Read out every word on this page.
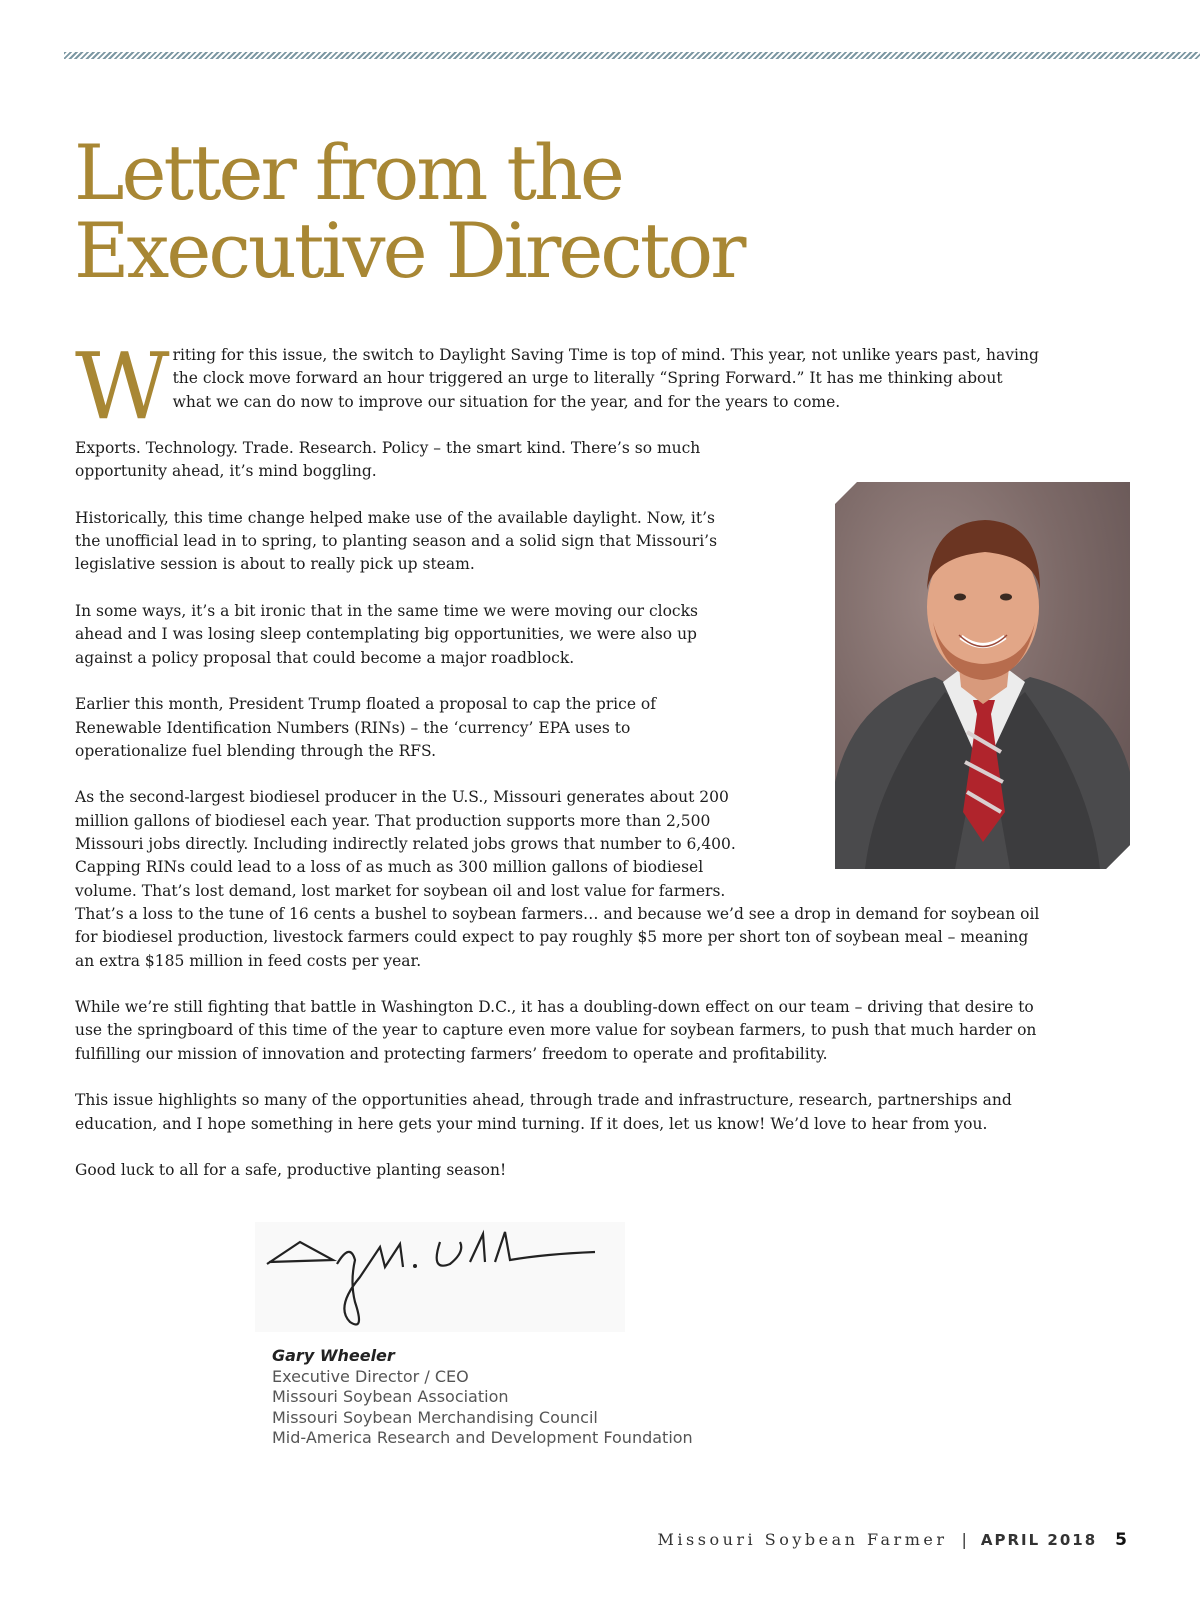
Letter from the
Executive Director

Writing for this issue, the switch to Daylight Saving Time is top of mind. This year, not unlike years past, having the clock move forward an hour triggered an urge to literally “Spring Forward.” It has me thinking about what we can do now to improve our situation for the year, and for the years to come.

Exports. Technology. Trade. Research. Policy – the smart kind. There’s so much opportunity ahead, it’s mind boggling.

Historically, this time change helped make use of the available daylight. Now, it’s the unofficial lead in to spring, to planting season and a solid sign that Missouri’s legislative session is about to really pick up steam.

In some ways, it’s a bit ironic that in the same time we were moving our clocks ahead and I was losing sleep contemplating big opportunities, we were also up against a policy proposal that could become a major roadblock.

Earlier this month, President Trump floated a proposal to cap the price of Renewable Identification Numbers (RINs) – the ‘currency’ EPA uses to operationalize fuel blending through the RFS.

As the second-largest biodiesel producer in the U.S., Missouri generates about 200 million gallons of biodiesel each year. That production supports more than 2,500 Missouri jobs directly. Including indirectly related jobs grows that number to 6,400. Capping RINs could lead to a loss of as much as 300 million gallons of biodiesel volume. That’s lost demand, lost market for soybean oil and lost value for farmers. That’s a loss to the tune of 16 cents a bushel to soybean farmers… and because we’d see a drop in demand for soybean oil for biodiesel production, livestock farmers could expect to pay roughly $5 more per short ton of soybean meal – meaning an extra $185 million in feed costs per year.

While we’re still fighting that battle in Washington D.C., it has a doubling-down effect on our team – driving that desire to use the springboard of this time of the year to capture even more value for soybean farmers, to push that much harder on fulfilling our mission of innovation and protecting farmers’ freedom to operate and profitability.

This issue highlights so many of the opportunities ahead, through trade and infrastructure, research, partnerships and education, and I hope something in here gets your mind turning. If it does, let us know! We’d love to hear from you.

Good luck to all for a safe, productive planting season!

Gary Wheeler
Executive Director / CEO
Missouri Soybean Association
Missouri Soybean Merchandising Council
Mid-America Research and Development Foundation
Missouri Soybean Farmer | APRIL 2018 5
